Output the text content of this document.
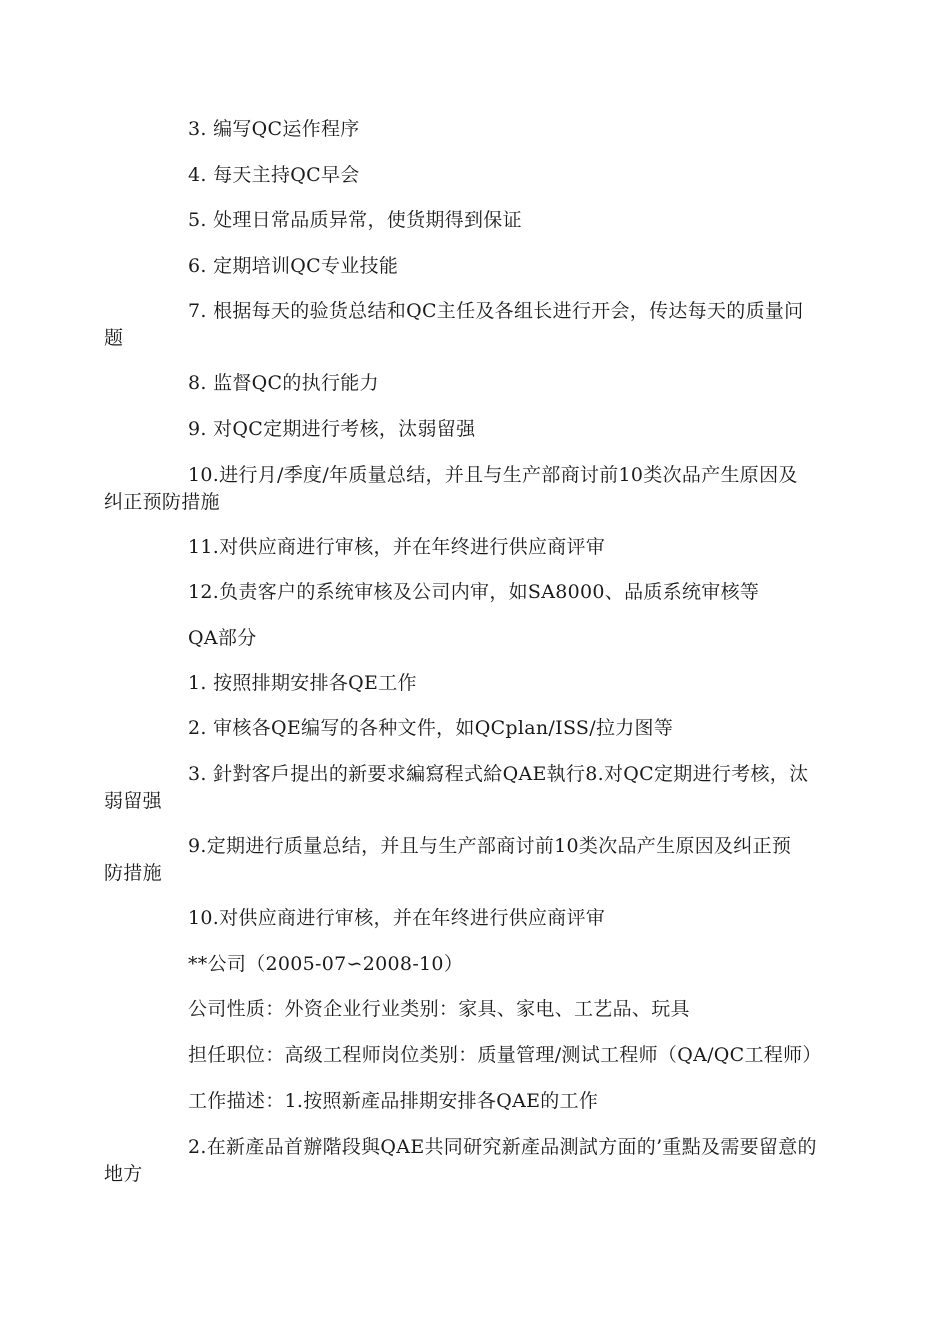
3. 编写QC运作程序
4. 每天主持QC早会
5. 处理日常品质异常，使货期得到保证
6. 定期培训QC专业技能
7. 根据每天的验货总结和QC主任及各组长进行开会，传达每天的质量问
题
8. 监督QC的执行能力
9. 对QC定期进行考核，汰弱留强
10.进行月/季度/年质量总结，并且与生产部商讨前10类次品产生原因及
纠正预防措施
11.对供应商进行审核，并在年终进行供应商评审
12.负责客户的系统审核及公司内审，如SA8000、品质系统审核等
QA部分
1. 按照排期安排各QE工作
2. 审核各QE编写的各种文件，如QCplan/ISS/拉力图等
3. 針對客戶提出的新要求編寫程式給QAE執行8.对QC定期进行考核，汰
弱留强
9.定期进行质量总结，并且与生产部商讨前10类次品产生原因及纠正预
防措施
10.对供应商进行审核，并在年终进行供应商评审
**公司（2005-07∽2008-10）
公司性质：外资企业行业类别：家具、家电、工艺品、玩具
担任职位：高级工程师岗位类别：质量管理/测试工程师（QA/QC工程师）
工作描述：1.按照新產品排期安排各QAE的工作
2.在新產品首辦階段與QAE共同研究新產品測試方面的’重點及需要留意的
地方
